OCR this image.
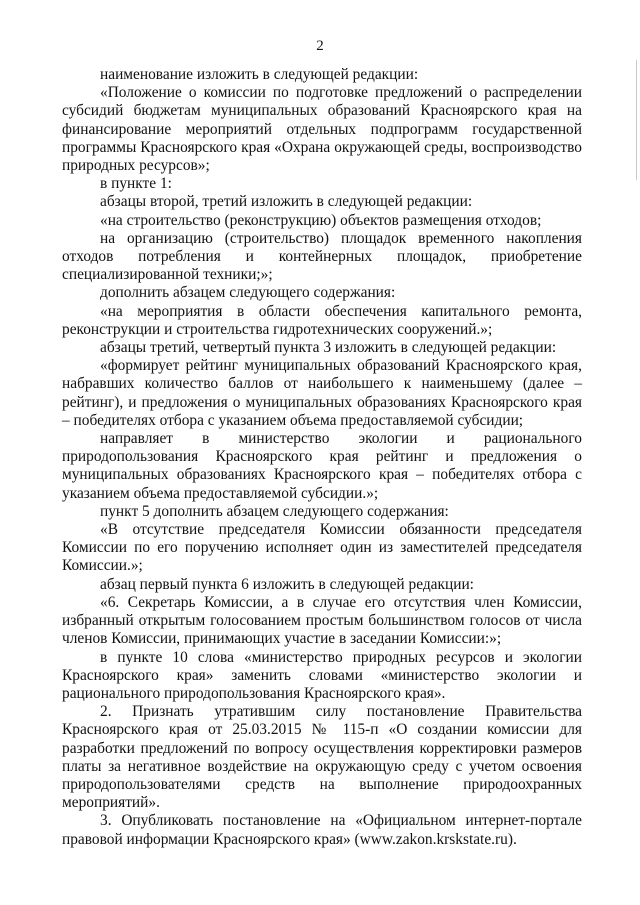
2

наименование изложить в следующей редакции:

«Положение о комиссии по подготовке предложений о распределении субсидий бюджетам муниципальных образований Красноярского края на финансирование мероприятий отдельных подпрограмм государственной программы Красноярского края «Охрана окружающей среды, воспроизводство природных ресурсов»;

в пункте 1:

абзацы второй, третий изложить в следующей редакции:

«на строительство (реконструкцию) объектов размещения отходов;

на организацию (строительство) площадок временного накопления отходов потребления и контейнерных площадок, приобретение специализированной техники;»;

дополнить абзацем следующего содержания:

«на мероприятия в области обеспечения капитального ремонта, реконструкции и строительства гидротехнических сооружений.»;

абзацы третий, четвертый пункта 3 изложить в следующей редакции:

«формирует рейтинг муниципальных образований Красноярского края, набравших количество баллов от наибольшего к наименьшему (далее – рейтинг), и предложения о муниципальных образованиях Красноярского края – победителях отбора с указанием объема предоставляемой субсидии;

направляет в министерство экологии и рационального природопользования Красноярского края рейтинг и предложения о муниципальных образованиях Красноярского края – победителях отбора с указанием объема предоставляемой субсидии.»;

пункт 5 дополнить абзацем следующего содержания:

«В отсутствие председателя Комиссии обязанности председателя Комиссии по его поручению исполняет один из заместителей председателя Комиссии.»;

абзац первый пункта 6 изложить в следующей редакции:

«6. Секретарь Комиссии, а в случае его отсутствия член Комиссии, избранный открытым голосованием простым большинством голосов от числа членов Комиссии, принимающих участие в заседании Комиссии:»;

в пункте 10 слова «министерство природных ресурсов и экологии Красноярского края» заменить словами «министерство экологии и рационального природопользования Красноярского края».

2. Признать утратившим силу постановление Правительства Красноярского края от 25.03.2015 № 115-п «О создании комиссии для разработки предложений по вопросу осуществления корректировки размеров платы за негативное воздействие на окружающую среду с учетом освоения природопользователями средств на выполнение природоохранных мероприятий».

3. Опубликовать постановление на «Официальном интернет-портале правовой информации Красноярского края» (www.zakon.krskstate.ru).
